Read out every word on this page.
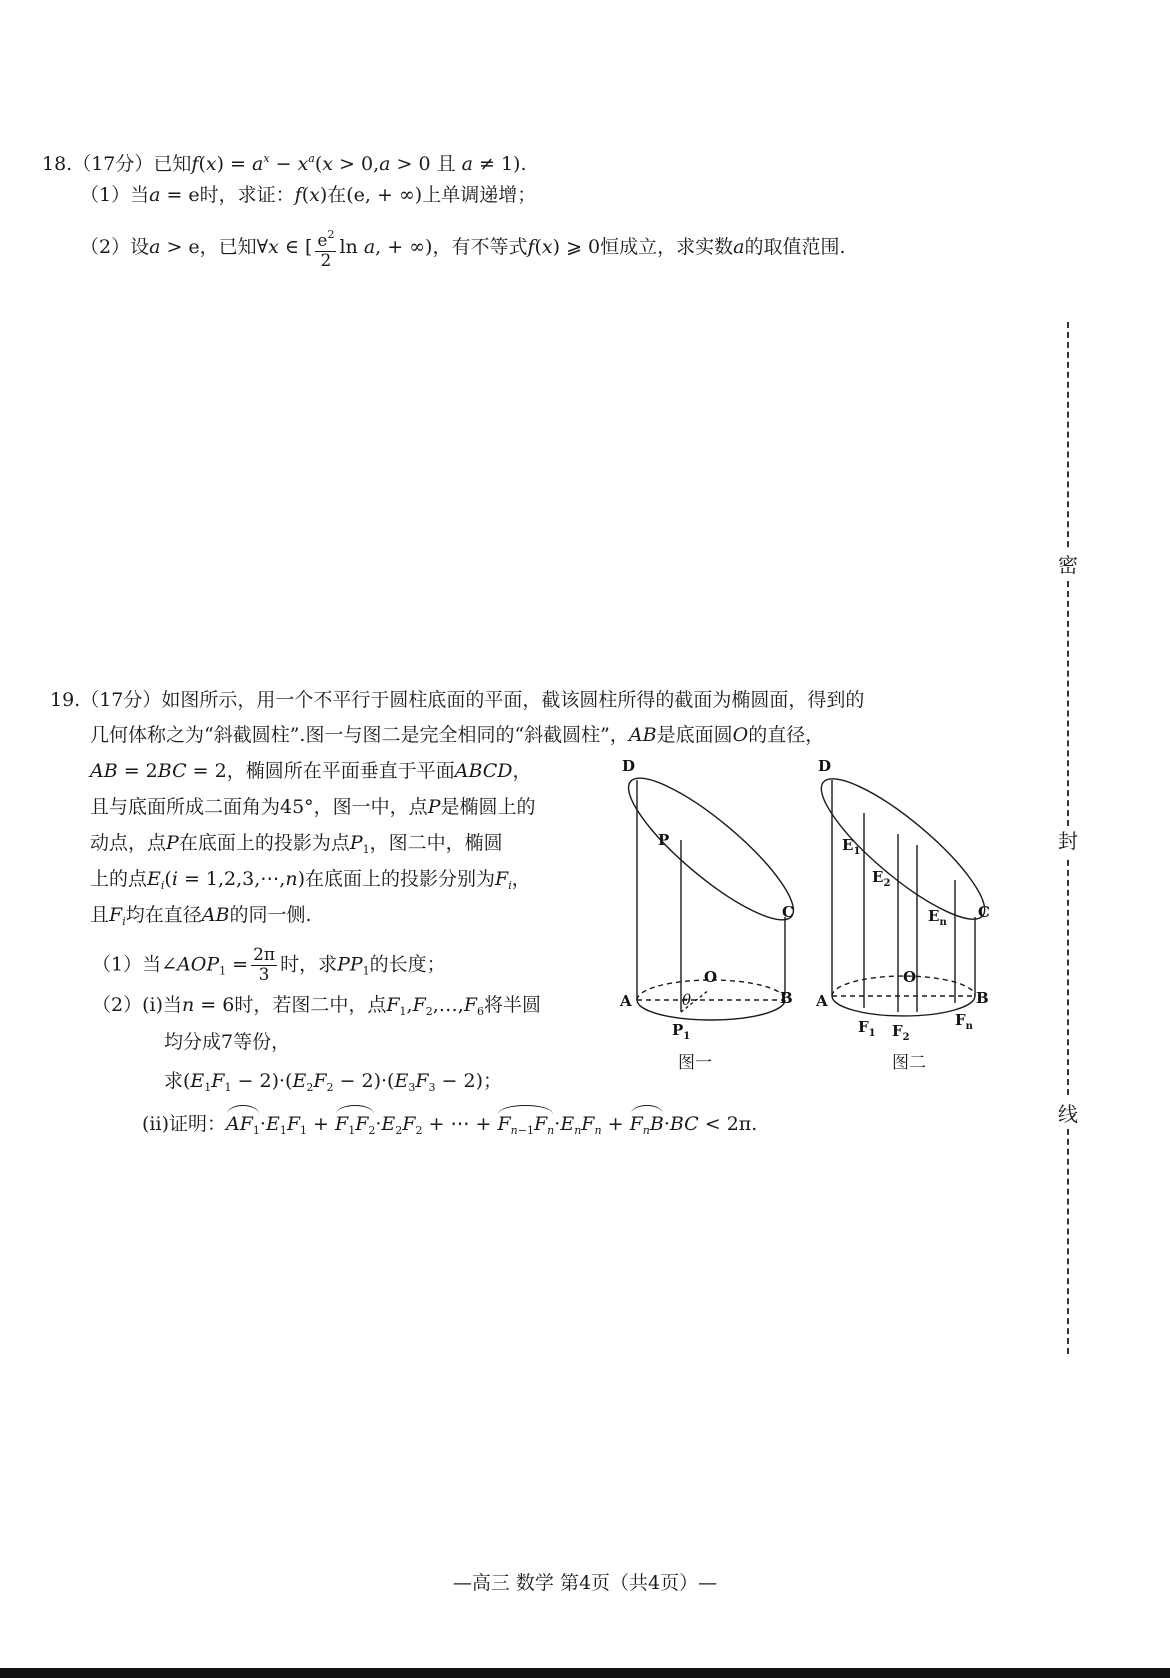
18.（17分）已知$f(x) = a^x - x^a(x > 0,a > 0$ 且 a ≠ 1).
（1）当a = e时，求证：f(x)在(e, + ∞)上单调递增；
（2）设a > e，已知∀x ∈ [ $\frac{e^2}{2}$ ln a, + ∞)，有不等式f(x) ⩾ 0恒成立，求实数a的取值范围.
19.（17分）如图所示，用一个不平行于圆柱底面的平面，截该圆柱所得的截面为椭圆面，得到的
几何体称之为“斜截圆柱”.图一与图二是完全相同的“斜截圆柱”，AB是底面圆O的直径，
AB = 2BC = 2，椭圆所在平面垂直于平面ABCD，
且与底面所成二面角为45°，图一中，点P是椭圆上的
动点，点P在底面上的投影为点$P_1$，图二中，椭圆
上的点$E_i(i$ = 1,2,3,⋯,n)在底面上的投影分别为$F_i$，
且$F_i$均在直径AB的同一侧.
（1）当$\angle AOP_1 = \frac{2\pi}{3}$ 时，求$PP_1$的长度；
（2）(i)当n = 6时，若图二中，点$F_1,F_2,\dots,F_6$将半圆
均分成7等份，
求$(E_1F_1 - 2)\cdot(E_2F_2 - 2)\cdot(E_3F_3 - 2)$；
(ii)证明：$AF_1\cdot E_1F_1 + F_1F_2\cdot E_2F_2$ + ⋯ + $F_{n-1}F_n\cdot E_nF_n + F_nB\cdot BC < 2\pi$.
D
P
C
O
θ
A	B
$P_1$
图一
D
$E_1$
$E_2$
$E_n$
C
O
A	B
$F_1$ $F_2$
$F_n$
图二
密
封
线
—高三 数学 第4页（共4页）—
